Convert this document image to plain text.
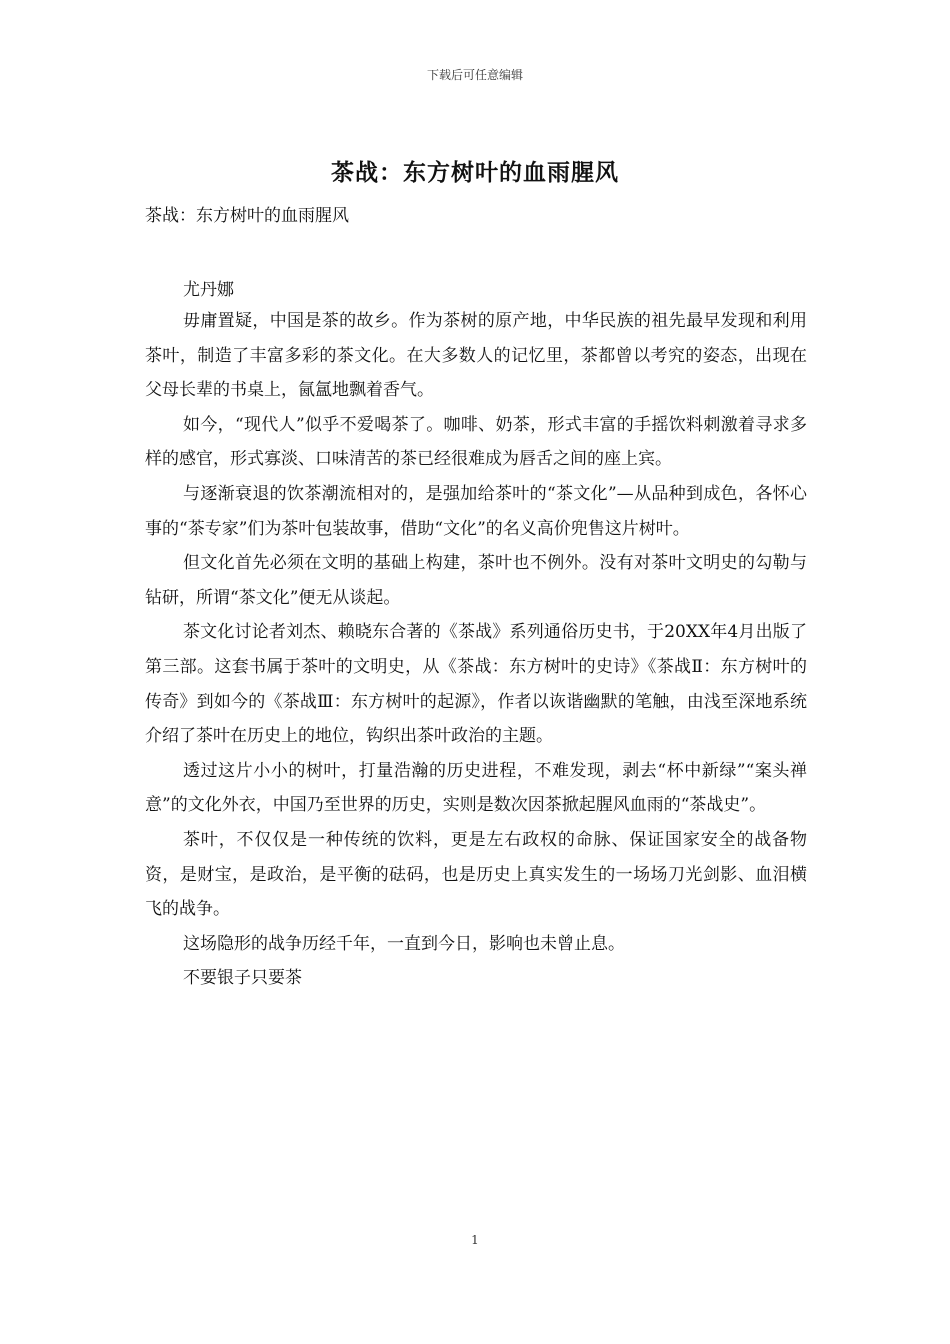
下载后可任意编辑
茶战：东方树叶的血雨腥风
茶战：东方树叶的血雨腥风
尤丹娜

毋庸置疑，中国是茶的故乡。作为茶树的原产地，中华民族的祖先最早发现和利用茶叶，制造了丰富多彩的茶文化。在大多数人的记忆里，茶都曾以考究的姿态，出现在父母长辈的书桌上，氤氲地飘着香气。

如今，“现代人”似乎不爱喝茶了。咖啡、奶茶，形式丰富的手摇饮料刺激着寻求多样的感官，形式寡淡、口味清苦的茶已经很难成为唇舌之间的座上宾。

与逐渐衰退的饮茶潮流相对的，是强加给茶叶的“茶文化”—从品种到成色，各怀心事的“茶专家”们为茶叶包装故事，借助“文化”的名义高价兜售这片树叶。

但文化首先必须在文明的基础上构建，茶叶也不例外。没有对茶叶文明史的勾勒与钻研，所谓“茶文化”便无从谈起。

茶文化讨论者刘杰、赖晓东合著的《茶战》系列通俗历史书，于20XX年4月出版了第三部。这套书属于茶叶的文明史，从《茶战：东方树叶的史诗》《茶战Ⅱ：东方树叶的传奇》到如今的《茶战Ⅲ：东方树叶的起源》，作者以诙谐幽默的笔触，由浅至深地系统介绍了茶叶在历史上的地位，钩织出茶叶政治的主题。

透过这片小小的树叶，打量浩瀚的历史进程，不难发现，剥去“杯中新绿”“案头禅意”的文化外衣，中国乃至世界的历史，实则是数次因茶掀起腥风血雨的“茶战史”。

茶叶，不仅仅是一种传统的饮料，更是左右政权的命脉、保证国家安全的战备物资，是财宝，是政治，是平衡的砝码，也是历史上真实发生的一场场刀光剑影、血泪横飞的战争。

这场隐形的战争历经千年，一直到今日，影响也未曾止息。

不要银子只要茶

1
